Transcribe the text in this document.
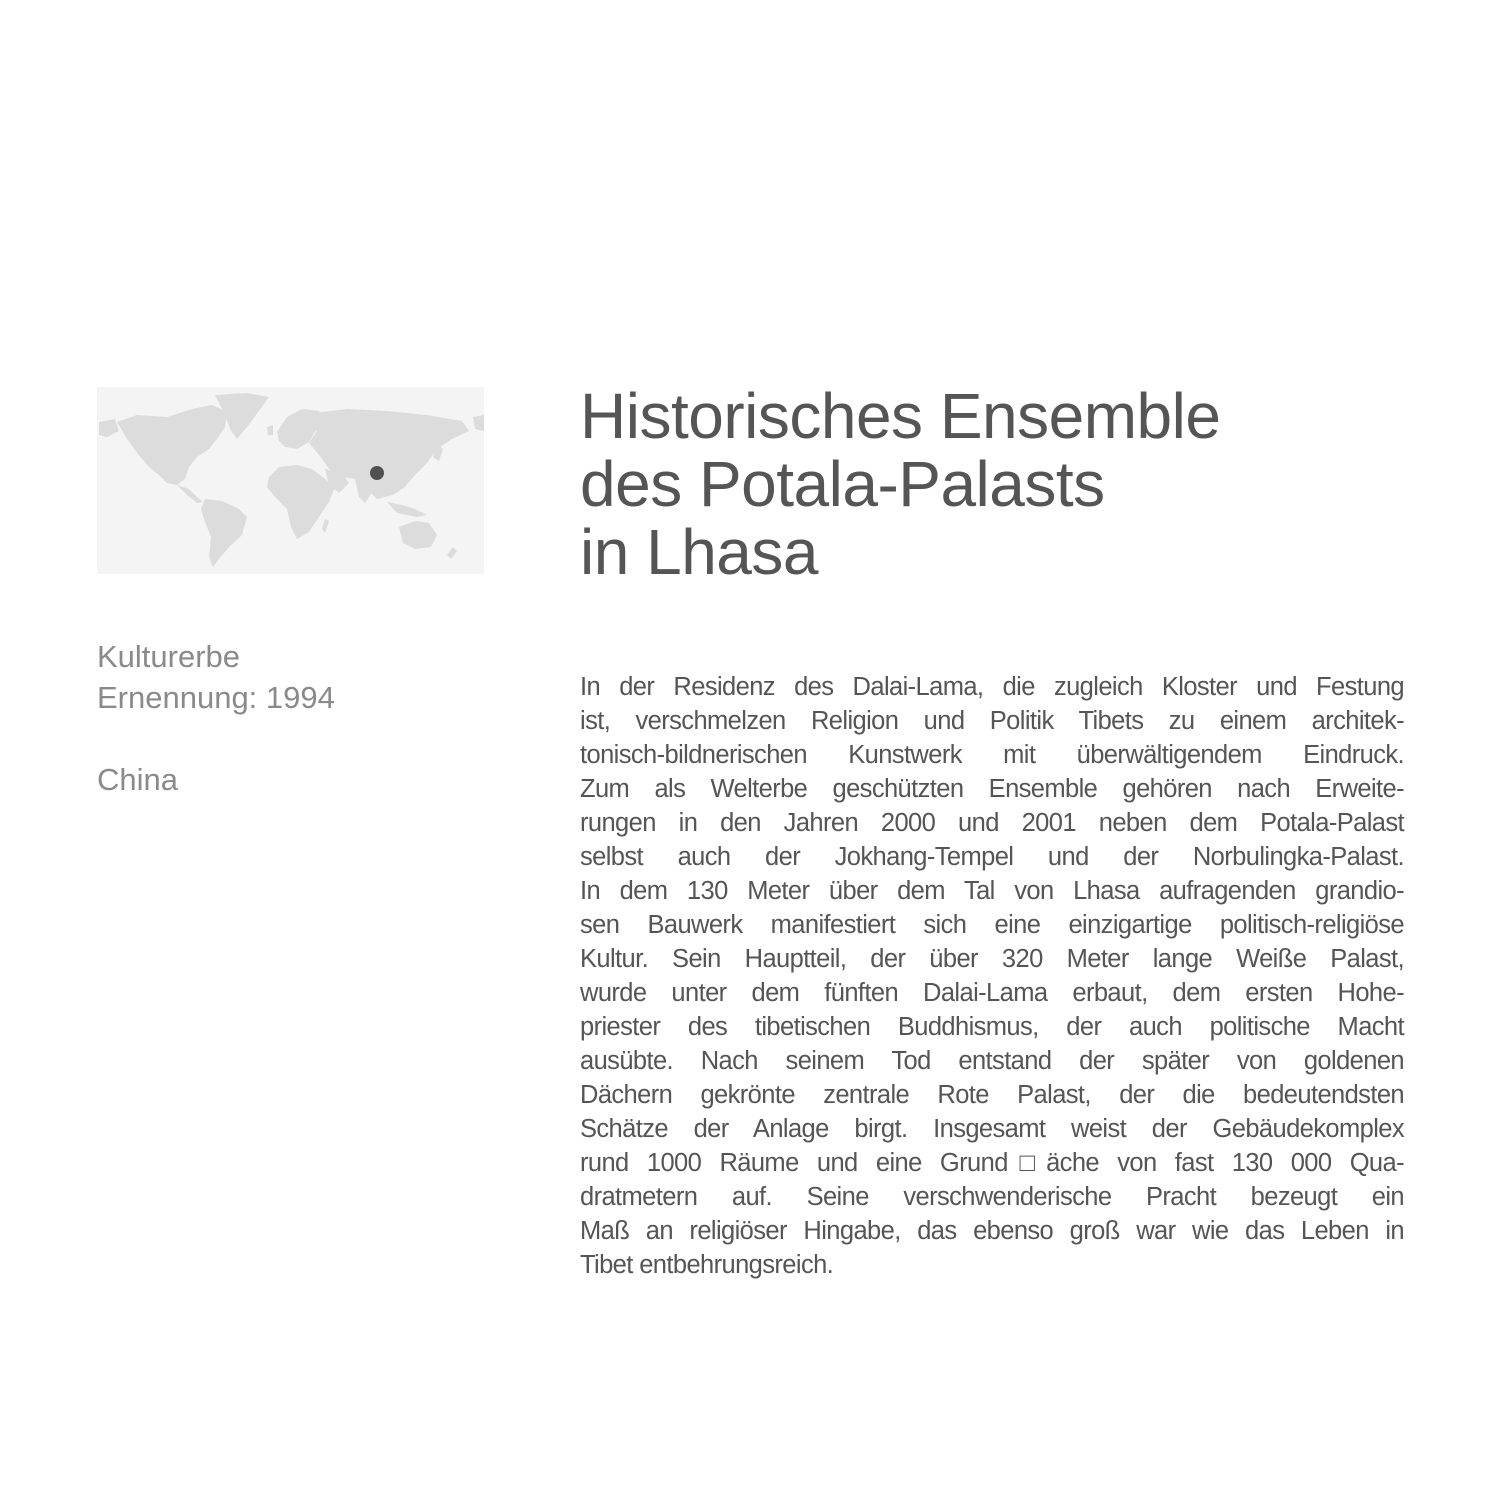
Kulturerbe
Ernennung: 1994
China
Historisches Ensemble
des Potala-Palasts
in Lhasa
In der Residenz des Dalai-Lama, die zugleich Kloster und Festung
ist, verschmelzen Religion und Politik Tibets zu einem architek-
tonisch-bildnerischen Kunstwerk mit überwältigendem Eindruck.
Zum als Welterbe geschützten Ensemble gehören nach Erweite-
rungen in den Jahren 2000 und 2001 neben dem Potala-Palast
selbst auch der Jokhang-Tempel und der Norbulingka-Palast.
In dem 130 Meter über dem Tal von Lhasa aufragenden grandio-
sen Bauwerk manifestiert sich eine einzigartige politisch-religiöse
Kultur. Sein Hauptteil, der über 320 Meter lange Weiße Palast,
wurde unter dem fünften Dalai-Lama erbaut, dem ersten Hohe-
priester des tibetischen Buddhismus, der auch politische Macht
ausübte. Nach seinem Tod entstand der später von goldenen
Dächern gekrönte zentrale Rote Palast, der die bedeutendsten
Schätze der Anlage birgt. Insgesamt weist der Gebäudekomplex
rund 1000 Räume und eine Grund□äche von fast 130 000 Qua-
dratmetern auf. Seine verschwenderische Pracht bezeugt ein
Maß an religiöser Hingabe, das ebenso groß war wie das Leben in
Tibet entbehrungsreich.
